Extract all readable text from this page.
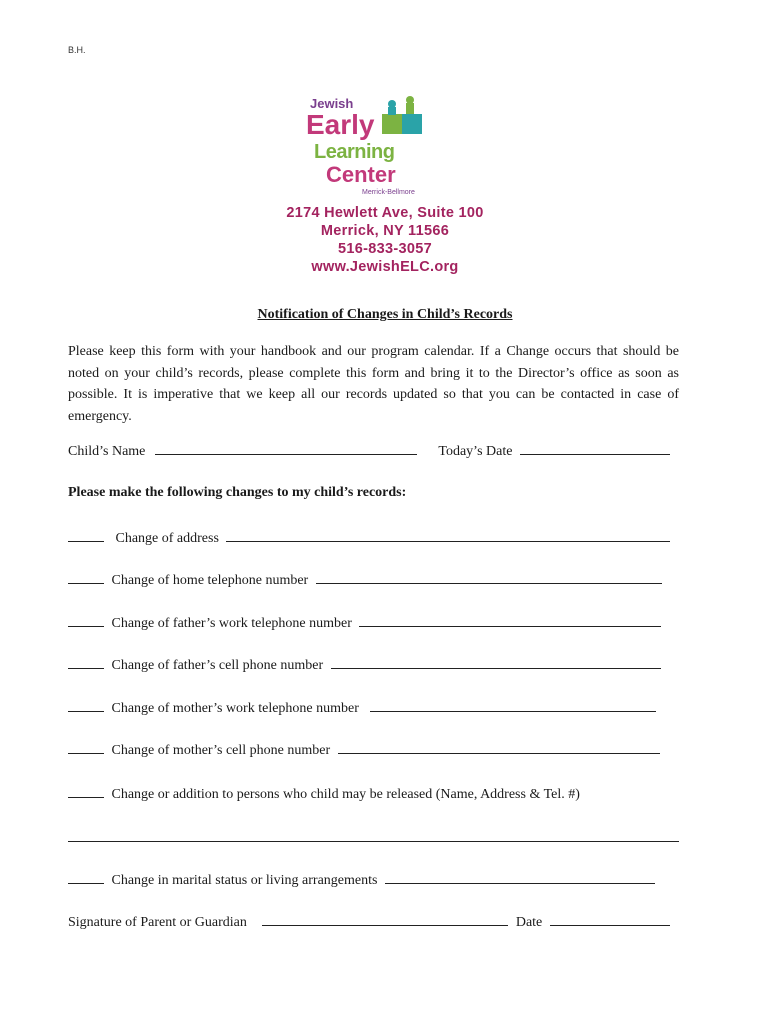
B.H.
Jewish
Early
Learning
Center
Merrick-Bellmore
2174 Hewlett Ave, Suite 100
Merrick, NY 11566
516-833-3057
www.JewishELC.org
Notification of Changes in Child’s Records
Please keep this form with your handbook and our program calendar. If a Change occurs that should be noted on your child’s records, please complete this form and bring it to the Director’s office as soon as possible. It is imperative that we keep all our records updated so that you can be contacted in case of emergency.
Child’s Name	Today’s Date
Please make the following changes to my child’s records:
Change of address
Change of home telephone number
Change of father’s work telephone number
Change of father’s cell phone number
Change of mother’s work telephone number
Change of mother’s cell phone number
Change or addition to persons who child may be released (Name, Address & Tel. #)
Change in marital status or living arrangements
Signature of Parent or Guardian	Date
